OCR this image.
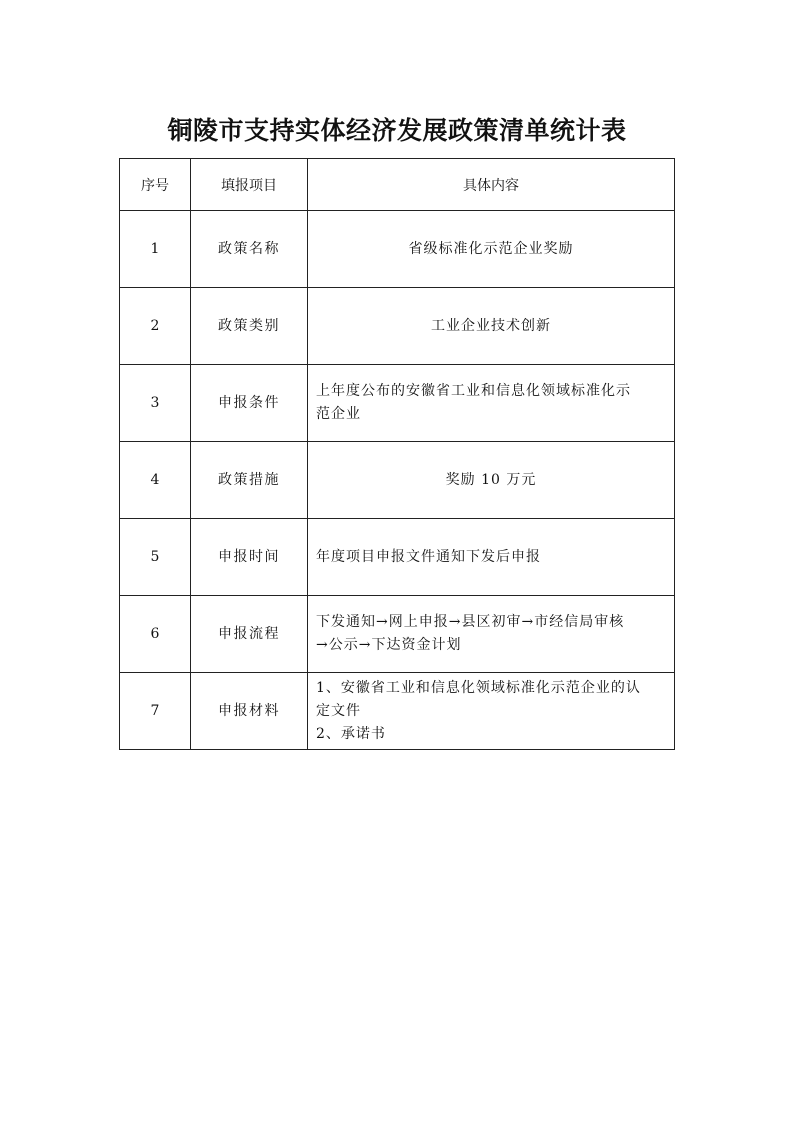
铜陵市支持实体经济发展政策清单统计表
序号	填报项目	具体内容
1	政策名称	省级标准化示范企业奖励

2	政策类别	工业企业技术创新

3	申报条件	上年度公布的安徽省工业和信息化领域标准化示
范企业

4	政策措施	奖励 10 万元

5	申报时间	年度项目申报文件通知下发后申报

6	申报流程	下发通知→网上申报→县区初审→市经信局审核
→公示→下达资金计划

7	申报材料	1、安徽省工业和信息化领域标准化示范企业的认
定文件
2、承诺书
